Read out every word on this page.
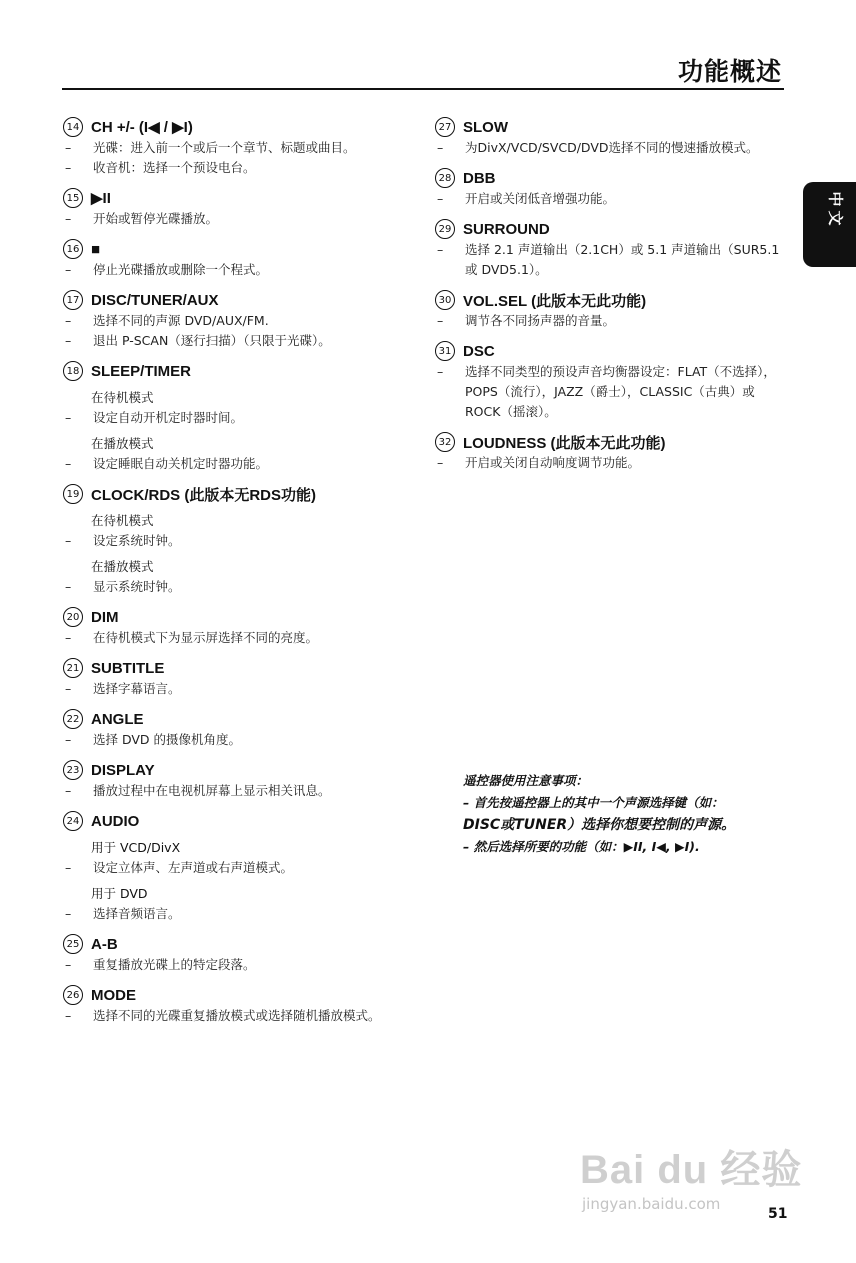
功能概述
中文
14 CH +/- (I◀ / ▶I)
–	光碟：进入前一个或后一个章节、标题或曲目。
–	收音机：选择一个预设电台。
15 ▶II
–	开始或暂停光碟播放。
16 ■
–	停止光碟播放或删除一个程式。
17 DISC/TUNER/AUX
–	选择不同的声源 DVD/AUX/FM.
–	退出 P-SCAN（逐行扫描）（只限于光碟）。
18 SLEEP/TIMER
在待机模式
–	设定自动开机定时器时间。
在播放模式
–	设定睡眠自动关机定时器功能。
19 CLOCK/RDS (此版本无RDS功能)
在待机模式
–	设定系统时钟。
在播放模式
–	显示系统时钟。
20 DIM
–	在待机模式下为显示屏选择不同的亮度。
21 SUBTITLE
–	选择字幕语言。
22 ANGLE
–	选择 DVD 的摄像机角度。
23 DISPLAY
–	播放过程中在电视机屏幕上显示相关讯息。
24 AUDIO
用于 VCD/DivX
–	设定立体声、左声道或右声道模式。
用于 DVD
–	选择音频语言。
25 A-B
–	重复播放光碟上的特定段落。
26 MODE
–	选择不同的光碟重复播放模式或选择随机播放模式。
27 SLOW
–	为DivX/VCD/SVCD/DVD选择不同的慢速播放模式。
28 DBB
–	开启或关闭低音增强功能。
29 SURROUND
–	选择 2.1 声道输出（2.1CH）或 5.1 声道输出（SUR5.1 或 DVD5.1）。
30 VOL.SEL (此版本无此功能)
–	调节各不同扬声器的音量。
31 DSC
–	选择不同类型的预设声音均衡器设定：FLAT（不选择），POPS（流行），JAZZ（爵士），CLASSIC（古典）或 ROCK（摇滚）。
32 LOUDNESS (此版本无此功能)
–	开启或关闭自动响度调节功能。
遥控器使用注意事项：
– 首先按遥控器上的其中一个声源选择键（如：
DISC或TUNER）选择你想要控制的声源。
– 然后选择所要的功能（如：▶II, I◀, ▶I).
Bai du 经验
jingyan.baidu.com
51
